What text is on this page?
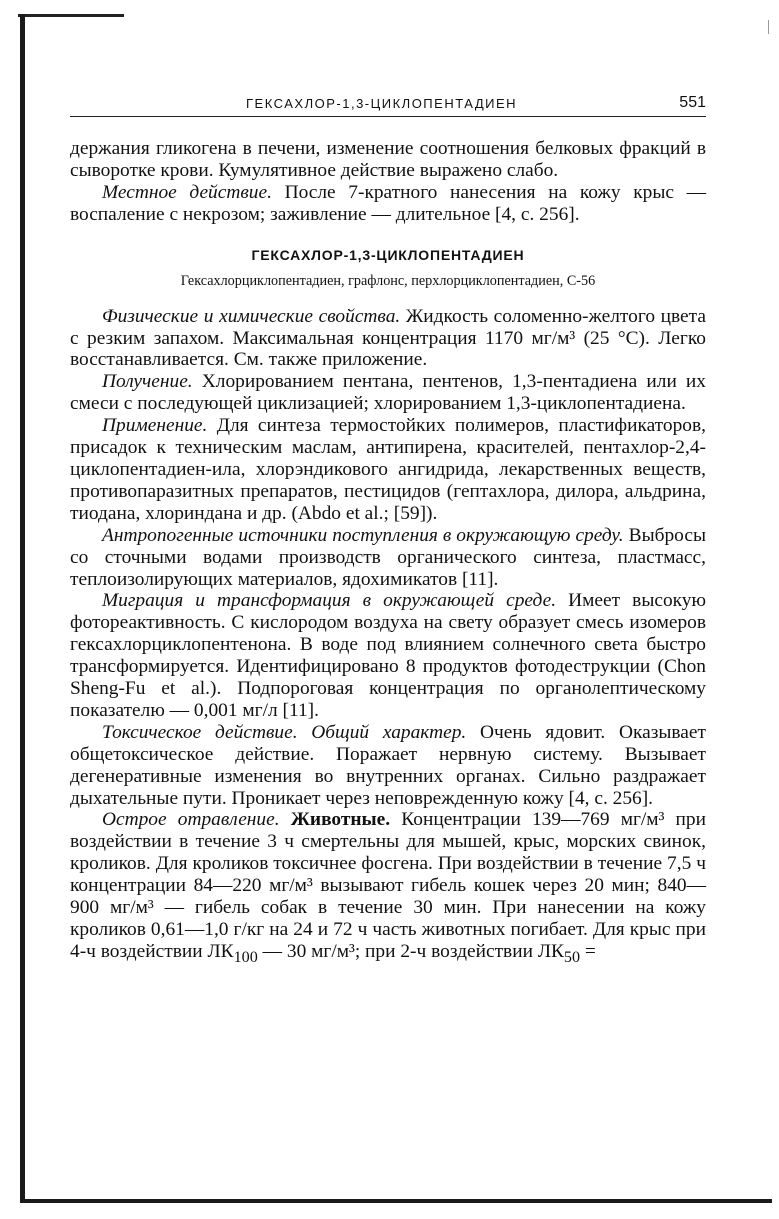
ГЕКСАХЛОР-1,3-ЦИКЛОПЕНТАДИЕН	551

держания гликогена в печени, изменение соотношения белковых фракций в сыворотке крови. Кумулятивное действие выражено слабо.

Местное действие. После 7-кратного нанесения на кожу крыс — воспаление с некрозом; заживление — длительное [4, с. 256].

ГЕКСАХЛОР-1,3-ЦИКЛОПЕНТАДИЕН
Гексахлорциклопентадиен, графлонс, перхлорциклопентадиен, С-56

Физические и химические свойства. Жидкость соломенно-желтого цвета с резким запахом. Максимальная концентрация 1170 мг/м³ (25 °С). Легко восстанавливается. См. также приложение.

Получение. Хлорированием пентана, пентенов, 1,3-пентадиена или их смеси с последующей циклизацией; хлорированием 1,3-циклопентадиена.

Применение. Для синтеза термостойких полимеров, пластификаторов, присадок к техническим маслам, антипирена, красителей, пентахлор-2,4-циклопентадиен-ила, хлорэндикового ангидрида, лекарственных веществ, противопаразитных препаратов, пестицидов (гептахлора, дилора, альдрина, тиодана, хлориндана и др. (Abdo et al.; [59]).

Антропогенные источники поступления в окружающую среду. Выбросы со сточными водами производств органического синтеза, пластмасс, теплоизолирующих материалов, ядохимикатов [11].

Миграция и трансформация в окружающей среде. Имеет высокую фотореактивность. С кислородом воздуха на свету образует смесь изомеров гексахлорциклопентенона. В воде под влиянием солнечного света быстро трансформируется. Идентифицировано 8 продуктов фотодеструкции (Chon Sheng-Fu et al.). Подпороговая концентрация по органолептическому показателю — 0,001 мг/л [11].

Токсическое действие. Общий характер. Очень ядовит. Оказывает общетоксическое действие. Поражает нервную систему. Вызывает дегенеративные изменения во внутренних органах. Сильно раздражает дыхательные пути. Проникает через неповрежденную кожу [4, с. 256].

Острое отравление. Животные. Концентрации 139—769 мг/м³ при воздействии в течение 3 ч смертельны для мышей, крыс, морских свинок, кроликов. Для кроликов токсичнее фосгена. При воздействии в течение 7,5 ч концентрации 84—220 мг/м³ вызывают гибель кошек через 20 мин; 840—900 мг/м³ — гибель собак в течение 30 мин. При нанесении на кожу кроликов 0,61—1,0 г/кг на 24 и 72 ч часть животных погибает. Для крыс при 4-ч воздействии $ЛК_{100}$ — 30 мг/м³; при 2-ч воздействии $ЛК_{50}$ =
